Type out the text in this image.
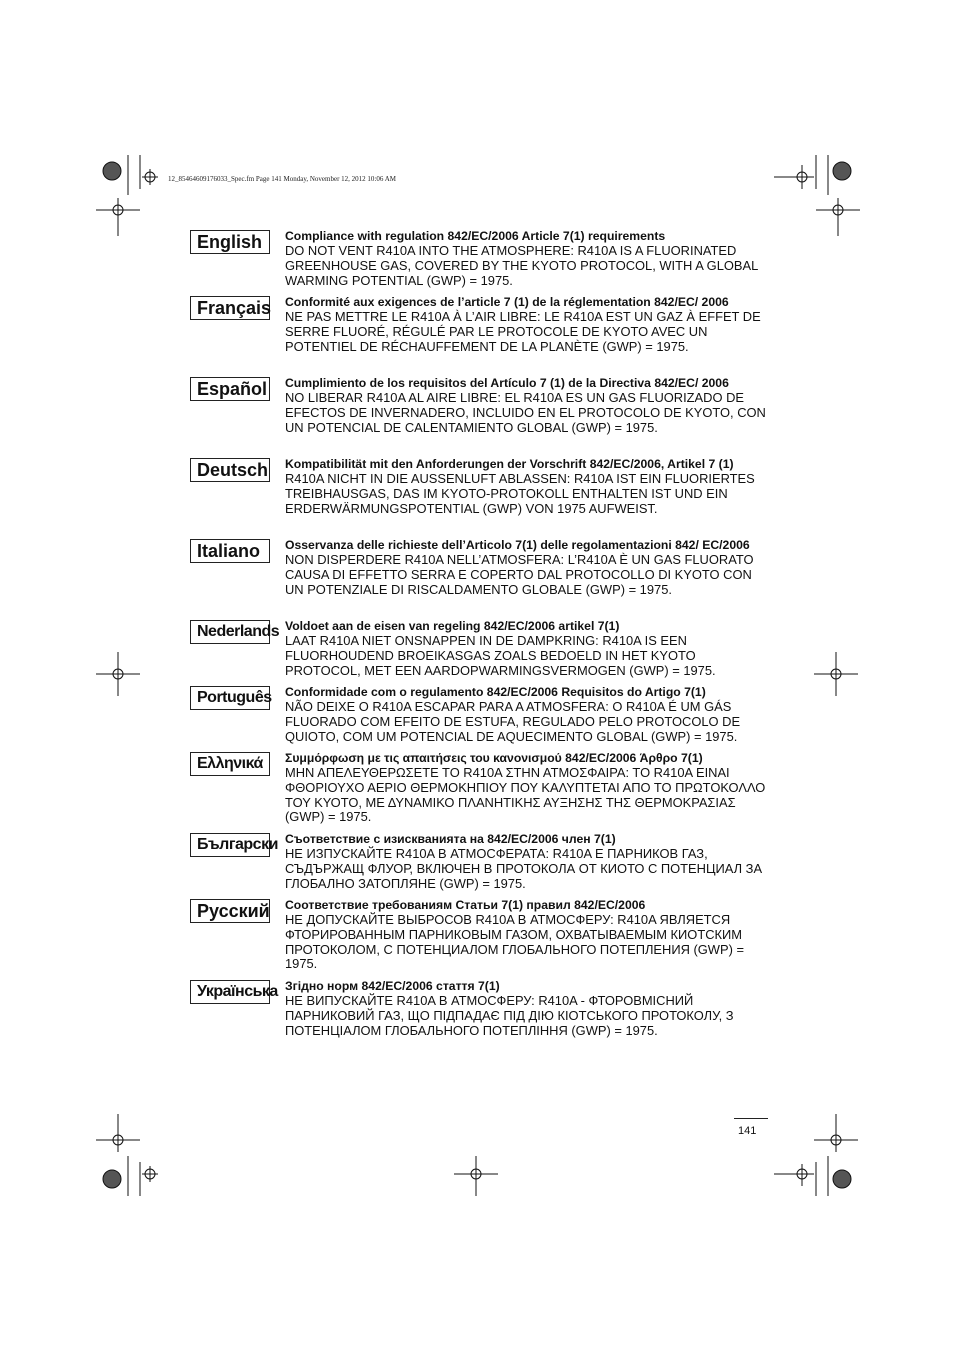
12_85464609176033_Spec.fm Page 141 Monday, November 12, 2012 10:06 AM
English	Compliance with regulation 842/EC/2006 Article 7(1) requirements
DO NOT VENT R410A INTO THE ATMOSPHERE: R410A IS A FLUORINATED GREENHOUSE GAS, COVERED BY THE KYOTO PROTOCOL, WITH A GLOBAL WARMING POTENTIAL (GWP) = 1975.
Français Conformité aux exigences de l’article 7 (1) de la réglementation 842/EC/ 2006
NE PAS METTRE LE R410A À L’AIR LIBRE: LE R410A EST UN GAZ À EFFET DE SERRE FLUORÉ, RÉGULÉ PAR LE PROTOCOLE DE KYOTO AVEC UN POTENTIEL DE RÉCHAUFFEMENT DE LA PLANÈTE (GWP) = 1975.
Español Cumplimiento de los requisitos del Artículo 7 (1) de la Directiva 842/EC/ 2006
NO LIBERAR R410A AL AIRE LIBRE: EL R410A ES UN GAS FLUORIZADO DE EFECTOS DE INVERNADERO, INCLUIDO EN EL PROTOCOLO DE KYOTO, CON UN POTENCIAL DE CALENTAMIENTO GLOBAL (GWP) = 1975.
Deutsch Kompatibilität mit den Anforderungen der Vorschrift 842/EC/2006, Artikel 7 (1)
R410A NICHT IN DIE AUSSENLUFT ABLASSEN: R410A IST EIN FLUORIERTES TREIBHAUSGAS, DAS IM KYOTO-PROTOKOLL ENTHALTEN IST UND EIN ERDERWÄRMUNGSPOTENTIAL (GWP) VON 1975 AUFWEIST.
Italiano	Osservanza delle richieste dell’Articolo 7(1) delle regolamentazioni 842/ EC/2006
NON DISPERDERE R410A NELL’ATMOSFERA: L’R410A È UN GAS FLUORATO CAUSA DI EFFETTO SERRA E COPERTO DAL PROTOCOLLO DI KYOTO CON UN POTENZIALE DI RISCALDAMENTO GLOBALE (GWP) = 1975.
Nederlands Voldoet aan de eisen van regeling 842/EC/2006 artikel 7(1)
LAAT R410A NIET ONSNAPPEN IN DE DAMPKRING: R410A IS EEN FLUORHOUDEND BROEIKASGAS ZOALS BEDOELD IN HET KYOTO PROTOCOL, MET EEN AARDOPWARMINGSVERMOGEN (GWP) = 1975.
Português Conformidade com o regulamento 842/EC/2006 Requisitos do Artigo 7(1)
NÃO DEIXE O R410A ESCAPAR PARA A ATMOSFERA: O R410A É UM GÁS FLUORADO COM EFEITO DE ESTUFA, REGULADO PELO PROTOCOLO DE QUIOTO, COM UM POTENCIAL DE AQUECIMENTO GLOBAL (GWP) = 1975.
Ελληνικά	Συμμόρφωση με τις απαιτήσεις του κανονισμού 842/EC/2006 Άρθρο 7(1)
ΜΗΝ ΑΠΕΛΕΥΘΕΡΩΣΕΤΕ ΤΟ R410A ΣΤΗΝ ΑΤΜΟΣΦΑΙΡΑ: ΤΟ R410A ΕΙΝΑΙ ΦΘΟΡΙΟΥΧΟ ΑΕΡΙΟ ΘΕΡΜΟΚΗΠΙΟΥ ΠΟΥ ΚΑΛΥΠΤΕΤΑΙ ΑΠΟ ΤΟ ΠΡΩΤΟΚΟΛΛΟ ΤΟΥ ΚΥΟΤΟ, ΜΕ ΔΥΝΑΜΙΚΟ ΠΛΑΝΗΤΙΚΗΣ ΑΥΞΗΣΗΣ ΤΗΣ ΘΕΡΜΟΚΡΑΣΙΑΣ (GWP) = 1975.
Български Съответствие с изискванията на 842/EC/2006 член 7(1)
НЕ ИЗПУСКАЙТЕ R410A В АТМОСФЕРАТА: R410A Е ПАРНИКОВ ГАЗ, СЪДЪРЖАЩ ФЛУОР, ВКЛЮЧЕН В ПРОТОКОЛА ОТ КИОТО С ПОТЕНЦИАЛ ЗА ГЛОБАЛНО ЗАТОПЛЯНЕ (GWP) = 1975.
Русский Соответствие требованиям Статьи 7(1) правил 842/EC/2006
НЕ ДОПУСКАЙТЕ ВЫБРОСОВ R410A В АТМОСФЕРУ: R410A ЯВЛЯЕТСЯ ФТОРИРОВАННЫМ ПАРНИКОВЫМ ГАЗОМ, ОХВАТЫВАЕМЫМ КИОТСКИМ ПРОТОКОЛОМ, С ПОТЕНЦИАЛОМ ГЛОБАЛЬНОГО ПОТЕПЛЕНИЯ (GWP) = 1975.
Українська Згідно норм 842/EC/2006 стаття 7(1)
НЕ ВИПУСКАЙТЕ R410A В АТМОСФЕРУ: R410A - ФТОРОВМІСНИЙ ПАРНИКОВИЙ ГАЗ, ЩО ПІДПАДАЄ ПІД ДІЮ КІОТСЬКОГО ПРОТОКОЛУ, З ПОТЕНЦІАЛОМ ГЛОБАЛЬНОГО ПОТЕПЛІННЯ (GWP) = 1975.
141
